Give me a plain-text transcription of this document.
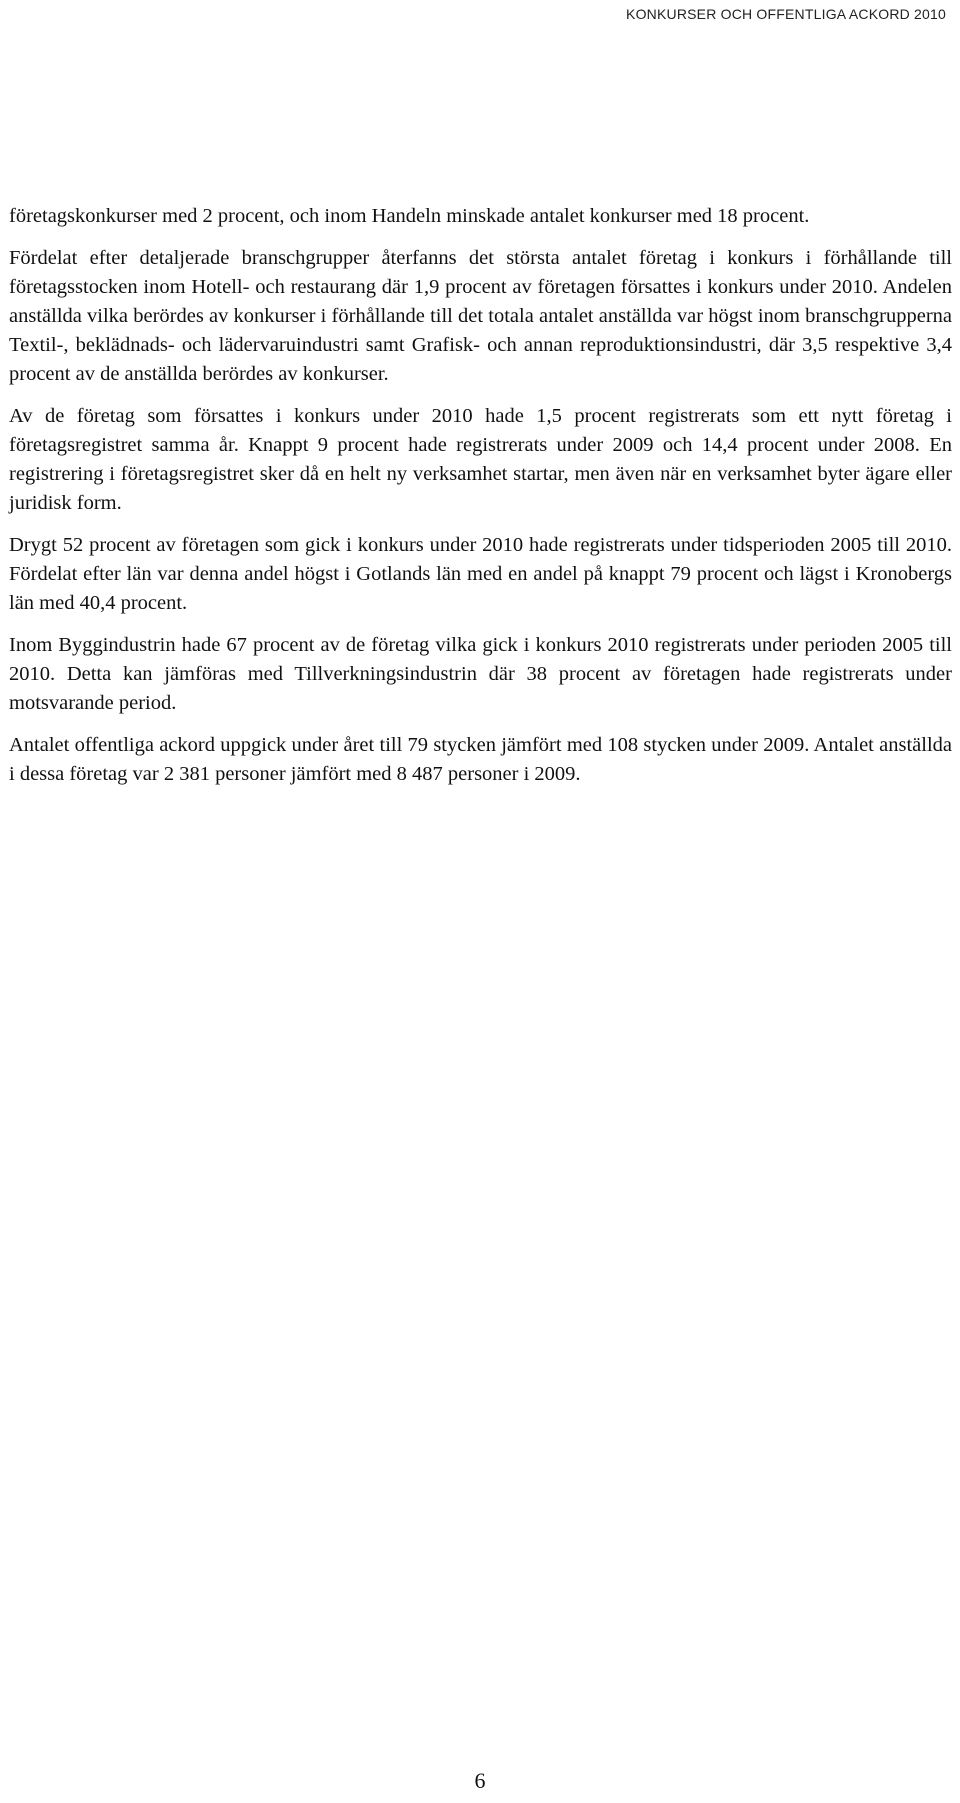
KONKURSER OCH OFFENTLIGA ACKORD 2010

företagskonkurser med 2 procent, och inom Handeln minskade antalet konkurser med 18 procent.

Fördelat efter detaljerade branschgrupper återfanns det största antalet företag i konkurs i förhållande till företagsstocken inom Hotell- och restaurang där 1,9 procent av företagen försattes i konkurs under 2010. Andelen anställda vilka berördes av konkurser i förhållande till det totala antalet anställda var högst inom branschgrupperna Textil-, beklädnads- och lädervaruindustri samt Grafisk- och annan reproduktionsindustri, där 3,5 respektive 3,4 procent av de anställda berördes av konkurser.

Av de företag som försattes i konkurs under 2010 hade 1,5 procent registrerats som ett nytt företag i företagsregistret samma år. Knappt 9 procent hade registrerats under 2009 och 14,4 procent under 2008. En registrering i företagsregistret sker då en helt ny verksamhet startar, men även när en verksamhet byter ägare eller juridisk form.

Drygt 52 procent av företagen som gick i konkurs under 2010 hade registrerats under tidsperioden 2005 till 2010. Fördelat efter län var denna andel högst i Gotlands län med en andel på knappt 79 procent och lägst i Kronobergs län med 40,4 procent.

Inom Byggindustrin hade 67 procent av de företag vilka gick i konkurs 2010 registrerats under perioden 2005 till 2010. Detta kan jämföras med Tillverkningsindustrin där 38 procent av företagen hade registrerats under motsvarande period.

Antalet offentliga ackord uppgick under året till 79 stycken jämfört med 108 stycken under 2009. Antalet anställda i dessa företag var 2 381 personer jämfört med 8 487 personer i 2009.

6
